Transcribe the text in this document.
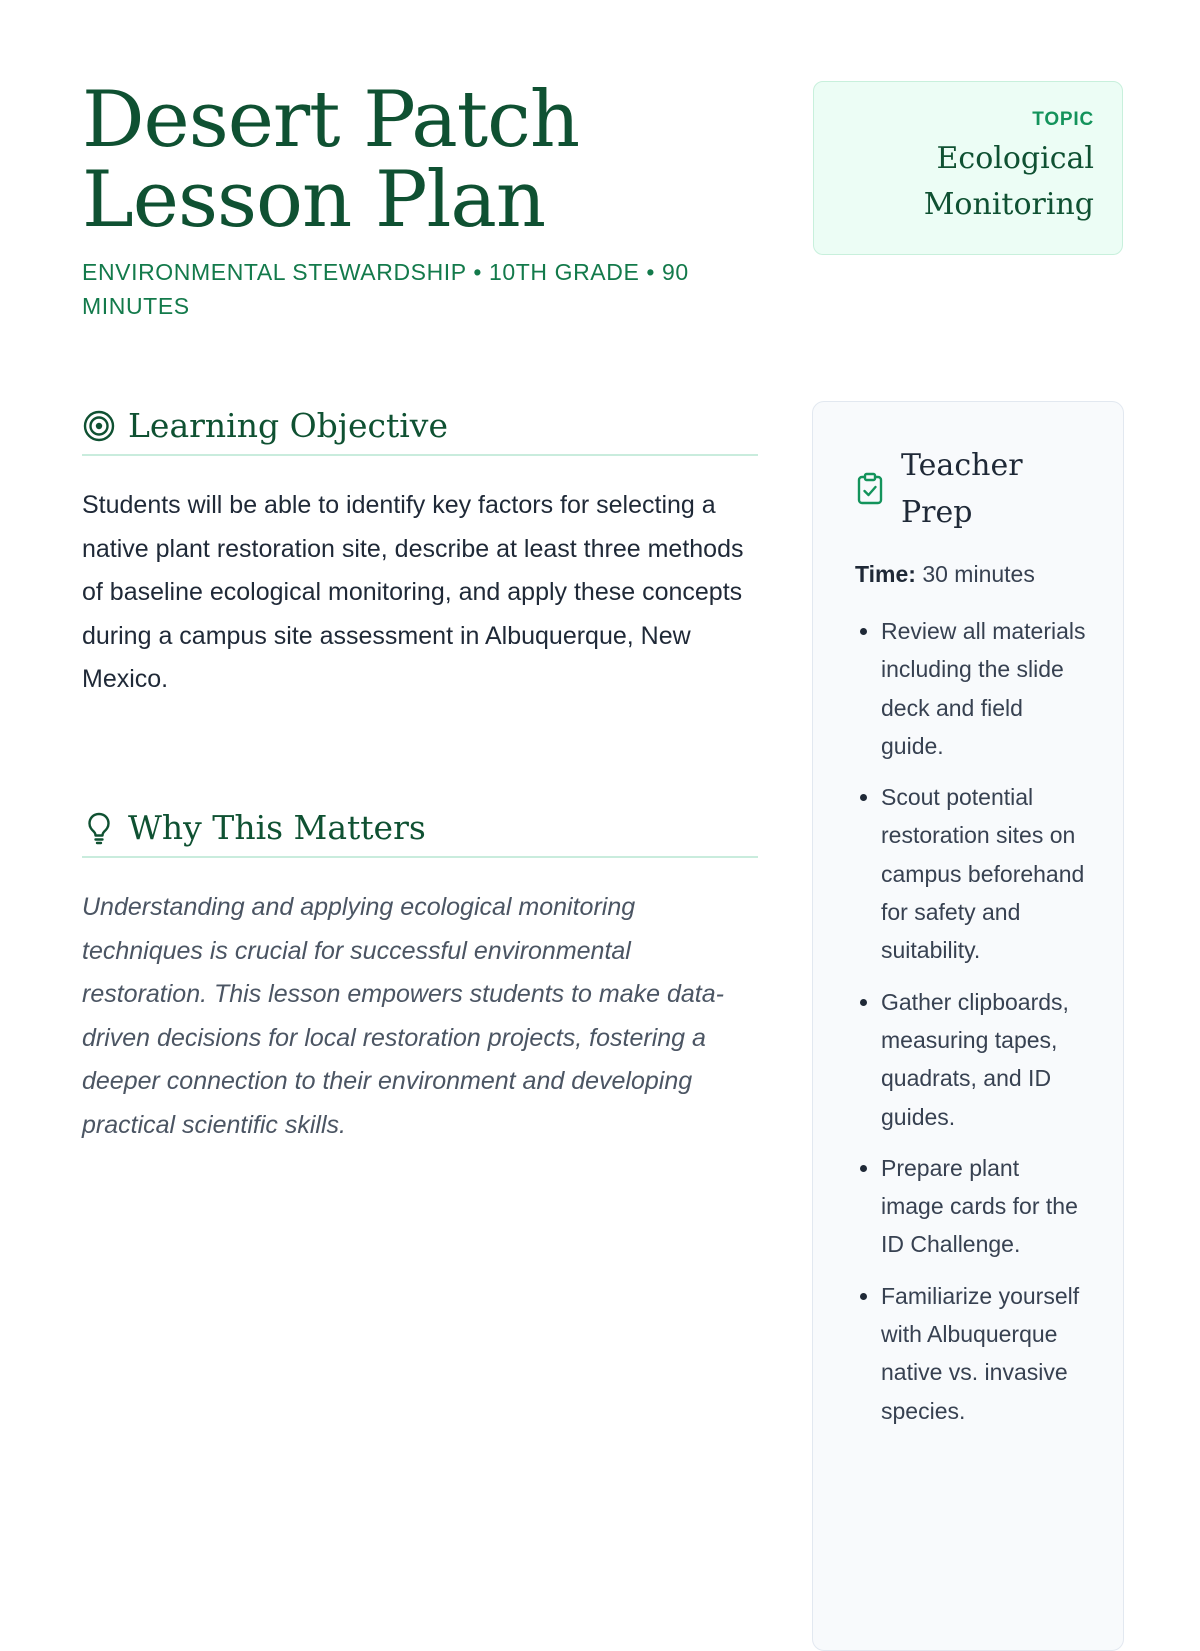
Desert Patch Lesson Plan
ENVIRONMENTAL STEWARDSHIP • 10TH GRADE • 90 MINUTES
TOPIC
Ecological Monitoring
Learning Objective
Students will be able to identify key factors for selecting a native plant restoration site, describe at least three methods of baseline ecological monitoring, and apply these concepts during a campus site assessment in Albuquerque, New Mexico.
Why This Matters
Understanding and applying ecological monitoring techniques is crucial for successful environmental restoration. This lesson empowers students to make data-driven decisions for local restoration projects, fostering a deeper connection to their environment and developing practical scientific skills.
Teacher Prep
Time: 30 minutes
• Review all materials including the slide deck and field guide.
• Scout potential restoration sites on campus beforehand for safety and suitability.
• Gather clipboards, measuring tapes, quadrats, and ID guides.
• Prepare plant image cards for the ID Challenge.
• Familiarize yourself with Albuquerque native vs. invasive species.
